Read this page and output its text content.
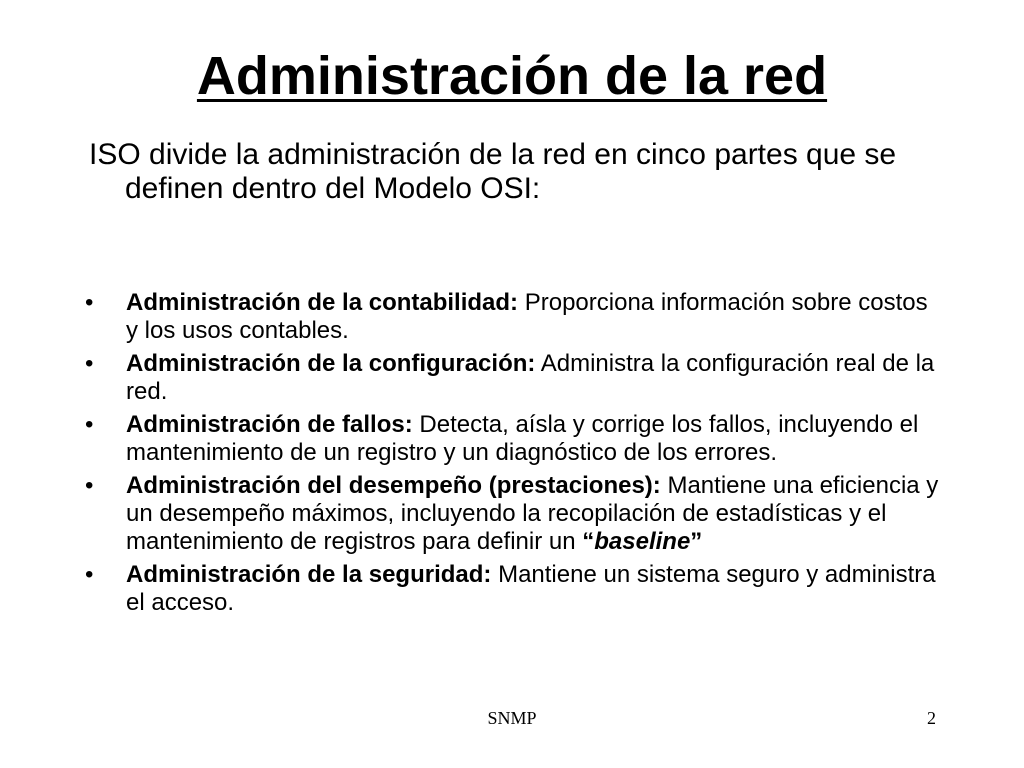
Administración de la red

ISO divide la administración de la red en cinco partes que se definen dentro del Modelo OSI:

•	Administración de la contabilidad: Proporciona información sobre costos y los usos contables.
•	Administración de la configuración: Administra la configuración real de la red.
•	Administración de fallos: Detecta, aísla y corrige los fallos, incluyendo el mantenimiento de un registro y un diagnóstico de los errores.
•	Administración del desempeño (prestaciones): Mantiene una eficiencia y un desempeño máximos, incluyendo la recopilación de estadísticas y el mantenimiento de registros para definir un “baseline”
•	Administración de la seguridad: Mantiene un sistema seguro y administra el acceso.
SNMP	2
